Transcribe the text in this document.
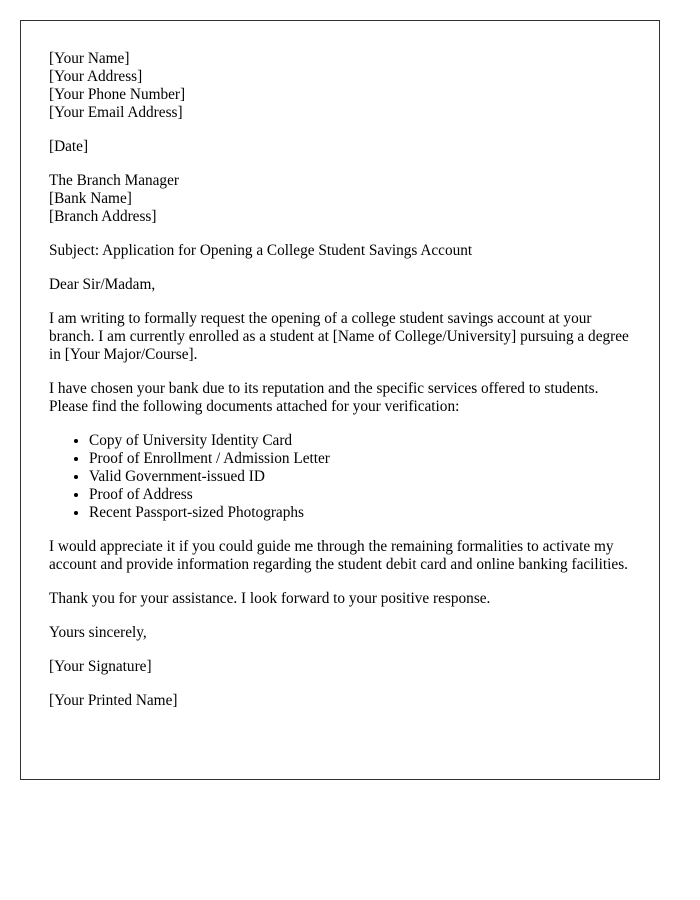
[Your Name]
[Your Address]
[Your Phone Number]
[Your Email Address]
[Date]
The Branch Manager
[Bank Name]
[Branch Address]

Subject: Application for Opening a College Student Savings Account

Dear Sir/Madam,

I am writing to formally request the opening of a college student savings account at your branch. I am currently enrolled as a student at [Name of College/University] pursuing a degree in [Your Major/Course].

I have chosen your bank due to its reputation and the specific services offered to students. Please find the following documents attached for your verification:

• Copy of University Identity Card
• Proof of Enrollment / Admission Letter
• Valid Government-issued ID
• Proof of Address
• Recent Passport-sized Photographs

I would appreciate it if you could guide me through the remaining formalities to activate my account and provide information regarding the student debit card and online banking facilities.

Thank you for your assistance. I look forward to your positive response.

Yours sincerely,

[Your Signature]

[Your Printed Name]
